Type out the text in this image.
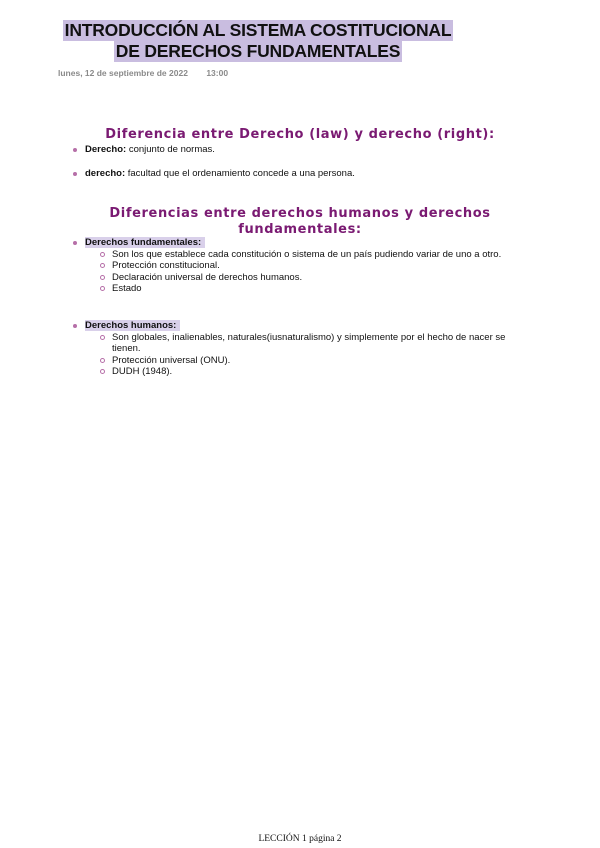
INTRODUCCIÓN AL SISTEMA COSTITUCIONAL
DE DERECHOS FUNDAMENTALES
lunes, 12 de septiembre de 2022 13:00
Diferencia entre Derecho (law) y derecho (right):
Derecho: conjunto de normas.
derecho: facultad que el ordenamiento concede a una persona.
Diferencias entre derechos humanos y derechos
fundamentales:
Derechos fundamentales:
Son los que establece cada constitución o sistema de un país pudiendo variar de uno a otro.
Protección constitucional.
Declaración universal de derechos humanos.
Estado
Derechos humanos:
Son globales, inalienables, naturales(iusnaturalismo) y simplemente por el hecho de nacer se tienen.
Protección universal (ONU).
DUDH (1948).
LECCIÓN 1 página 2
